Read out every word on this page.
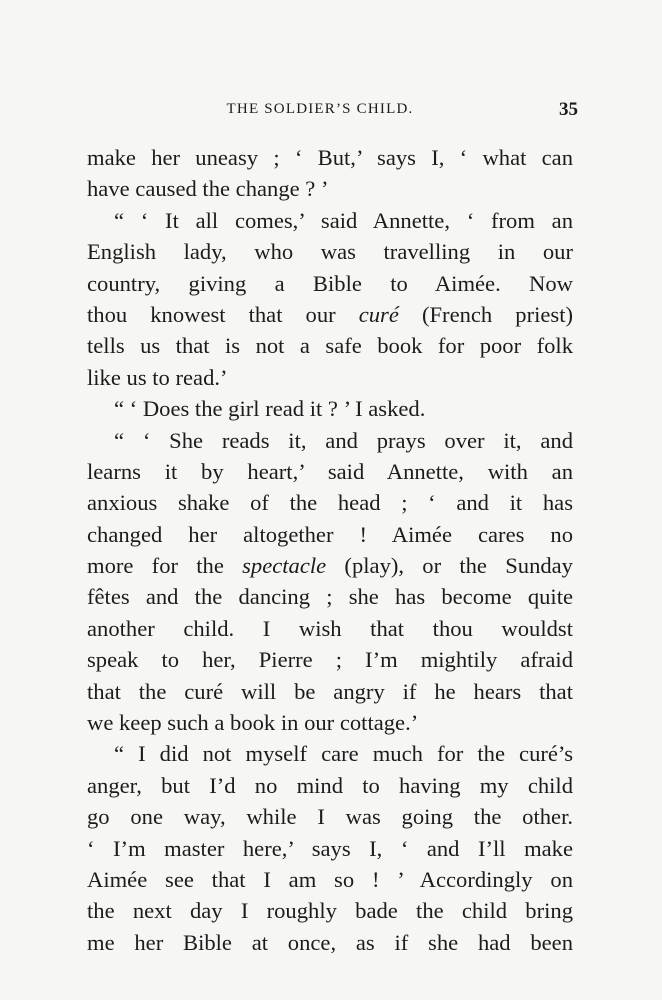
THE SOLDIER’S CHILD.	35
make her uneasy ; ‘ But,’ says I, ‘ what can
have caused the change ? ’
“ ‘ It all comes,’ said Annette, ‘ from an
English lady, who was travelling in our
country, giving a Bible to Aimée. Now
thou knowest that our curé (French priest)
tells us that is not a safe book for poor folk
like us to read.’
“ ‘ Does the girl read it ? ’ I asked.
“ ‘ She reads it, and prays over it, and
learns it by heart,’ said Annette, with an
anxious shake of the head ; ‘ and it has
changed her altogether ! Aimée cares no
more for the spectacle (play), or the Sunday
fêtes and the dancing ; she has become quite
another child. I wish that thou wouldst
speak to her, Pierre ; I’m mightily afraid
that the curé will be angry if he hears that
we keep such a book in our cottage.’
“ I did not myself care much for the curé’s
anger, but I’d no mind to having my child
go one way, while I was going the other.
‘ I’m master here,’ says I, ‘ and I’ll make
Aimée see that I am so ! ’ Accordingly on
the next day I roughly bade the child bring
me her Bible at once, as if she had been
